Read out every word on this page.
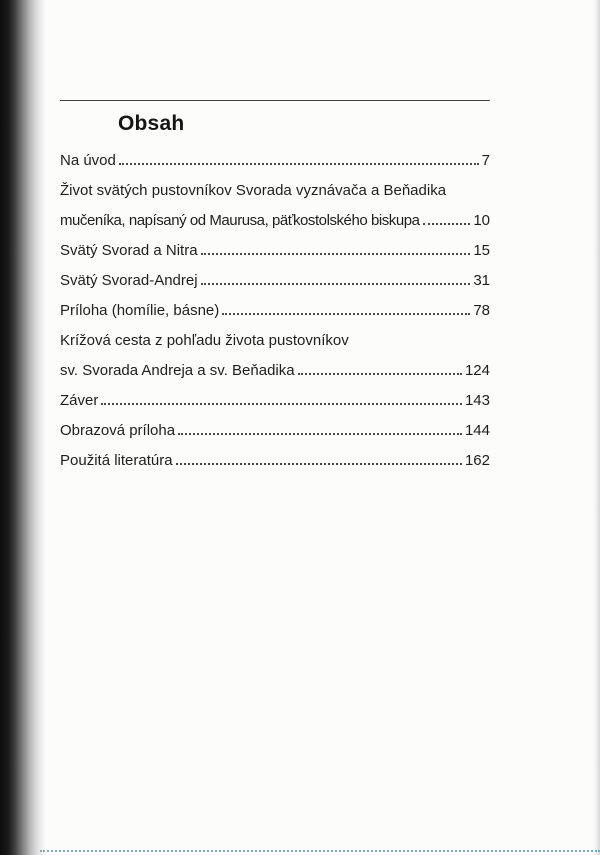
Obsah
Na úvod	7
Život svätých pustovníkov Svorada vyznávača a Beňadika
mučeníka, napísaný od Maurusa, päťkostolského biskupa	10
Svätý Svorad a Nitra	15
Svätý Svorad-Andrej	31
Príloha (homílie, básne)	78
Krížová cesta z pohľadu života pustovníkov
sv. Svorada Andreja a sv. Beňadika	124
Záver	143
Obrazová príloha	144
Použitá literatúra	162
